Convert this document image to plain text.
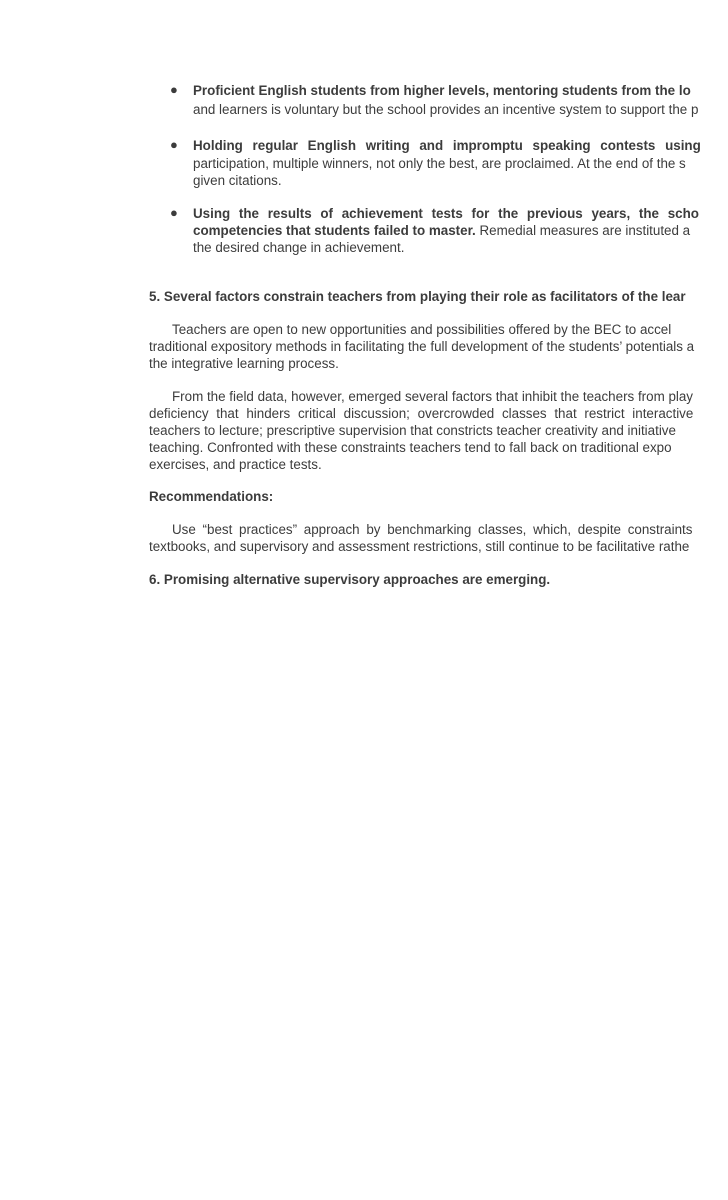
● Proficient English students from higher levels, mentoring students from the lo
and learners is voluntary but the school provides an incentive system to support the p
● Holding regular English writing and impromptu speaking contests using
participation, multiple winners, not only the best, are proclaimed. At the end of the s
given citations.
● Using the results of achievement tests for the previous years, the scho
competencies that students failed to master. Remedial measures are instituted a
the desired change in achievement.
5. Several factors constrain teachers from playing their role as facilitators of the lear
Teachers are open to new opportunities and possibilities offered by the BEC to accel
traditional expository methods in facilitating the full development of the students’ potentials a
the integrative learning process.
From the field data, however, emerged several factors that inhibit the teachers from play
deficiency that hinders critical discussion; overcrowded classes that restrict interactive
teachers to lecture; prescriptive supervision that constricts teacher creativity and initiative
teaching. Confronted with these constraints teachers tend to fall back on traditional expo
exercises, and practice tests.
Recommendations:
Use “best practices” approach by benchmarking classes, which, despite constraints
textbooks, and supervisory and assessment restrictions, still continue to be facilitative rathe
6. Promising alternative supervisory approaches are emerging.
